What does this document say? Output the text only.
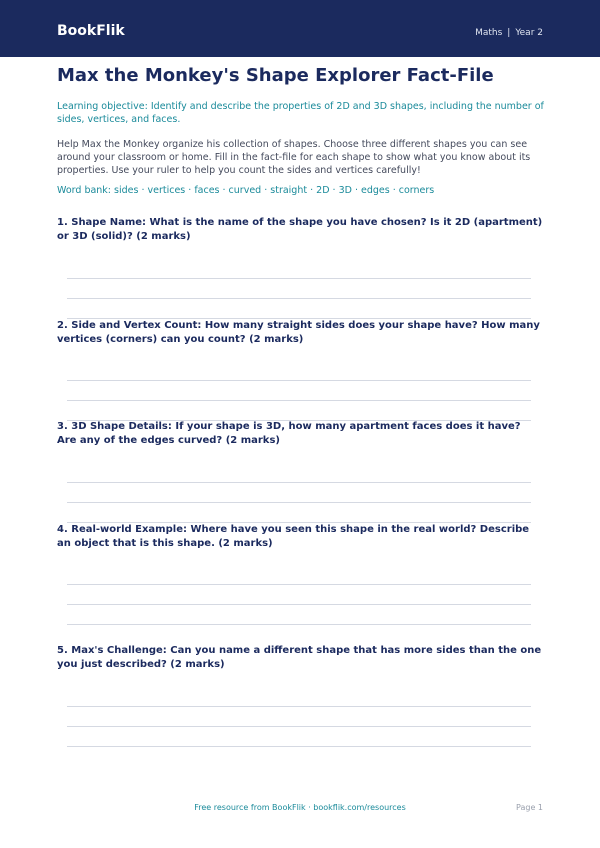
BookFlik	Maths | Year 2
Max the Monkey's Shape Explorer Fact-File
Learning objective: Identify and describe the properties of 2D and 3D shapes, including the number of sides, vertices, and faces.
Help Max the Monkey organize his collection of shapes. Choose three different shapes you can see around your classroom or home. Fill in the fact-file for each shape to show what you know about its properties. Use your ruler to help you count the sides and vertices carefully!
Word bank: sides · vertices · faces · curved · straight · 2D · 3D · edges · corners
1. Shape Name: What is the name of the shape you have chosen? Is it 2D (apartment) or 3D (solid)? (2 marks)
2. Side and Vertex Count: How many straight sides does your shape have? How many vertices (corners) can you count? (2 marks)
3. 3D Shape Details: If your shape is 3D, how many apartment faces does it have? Are any of the edges curved? (2 marks)
4. Real-world Example: Where have you seen this shape in the real world? Describe an object that is this shape. (2 marks)
5. Max's Challenge: Can you name a different shape that has more sides than the one you just described? (2 marks)
Free resource from BookFlik · bookflik.com/resources	Page 1
